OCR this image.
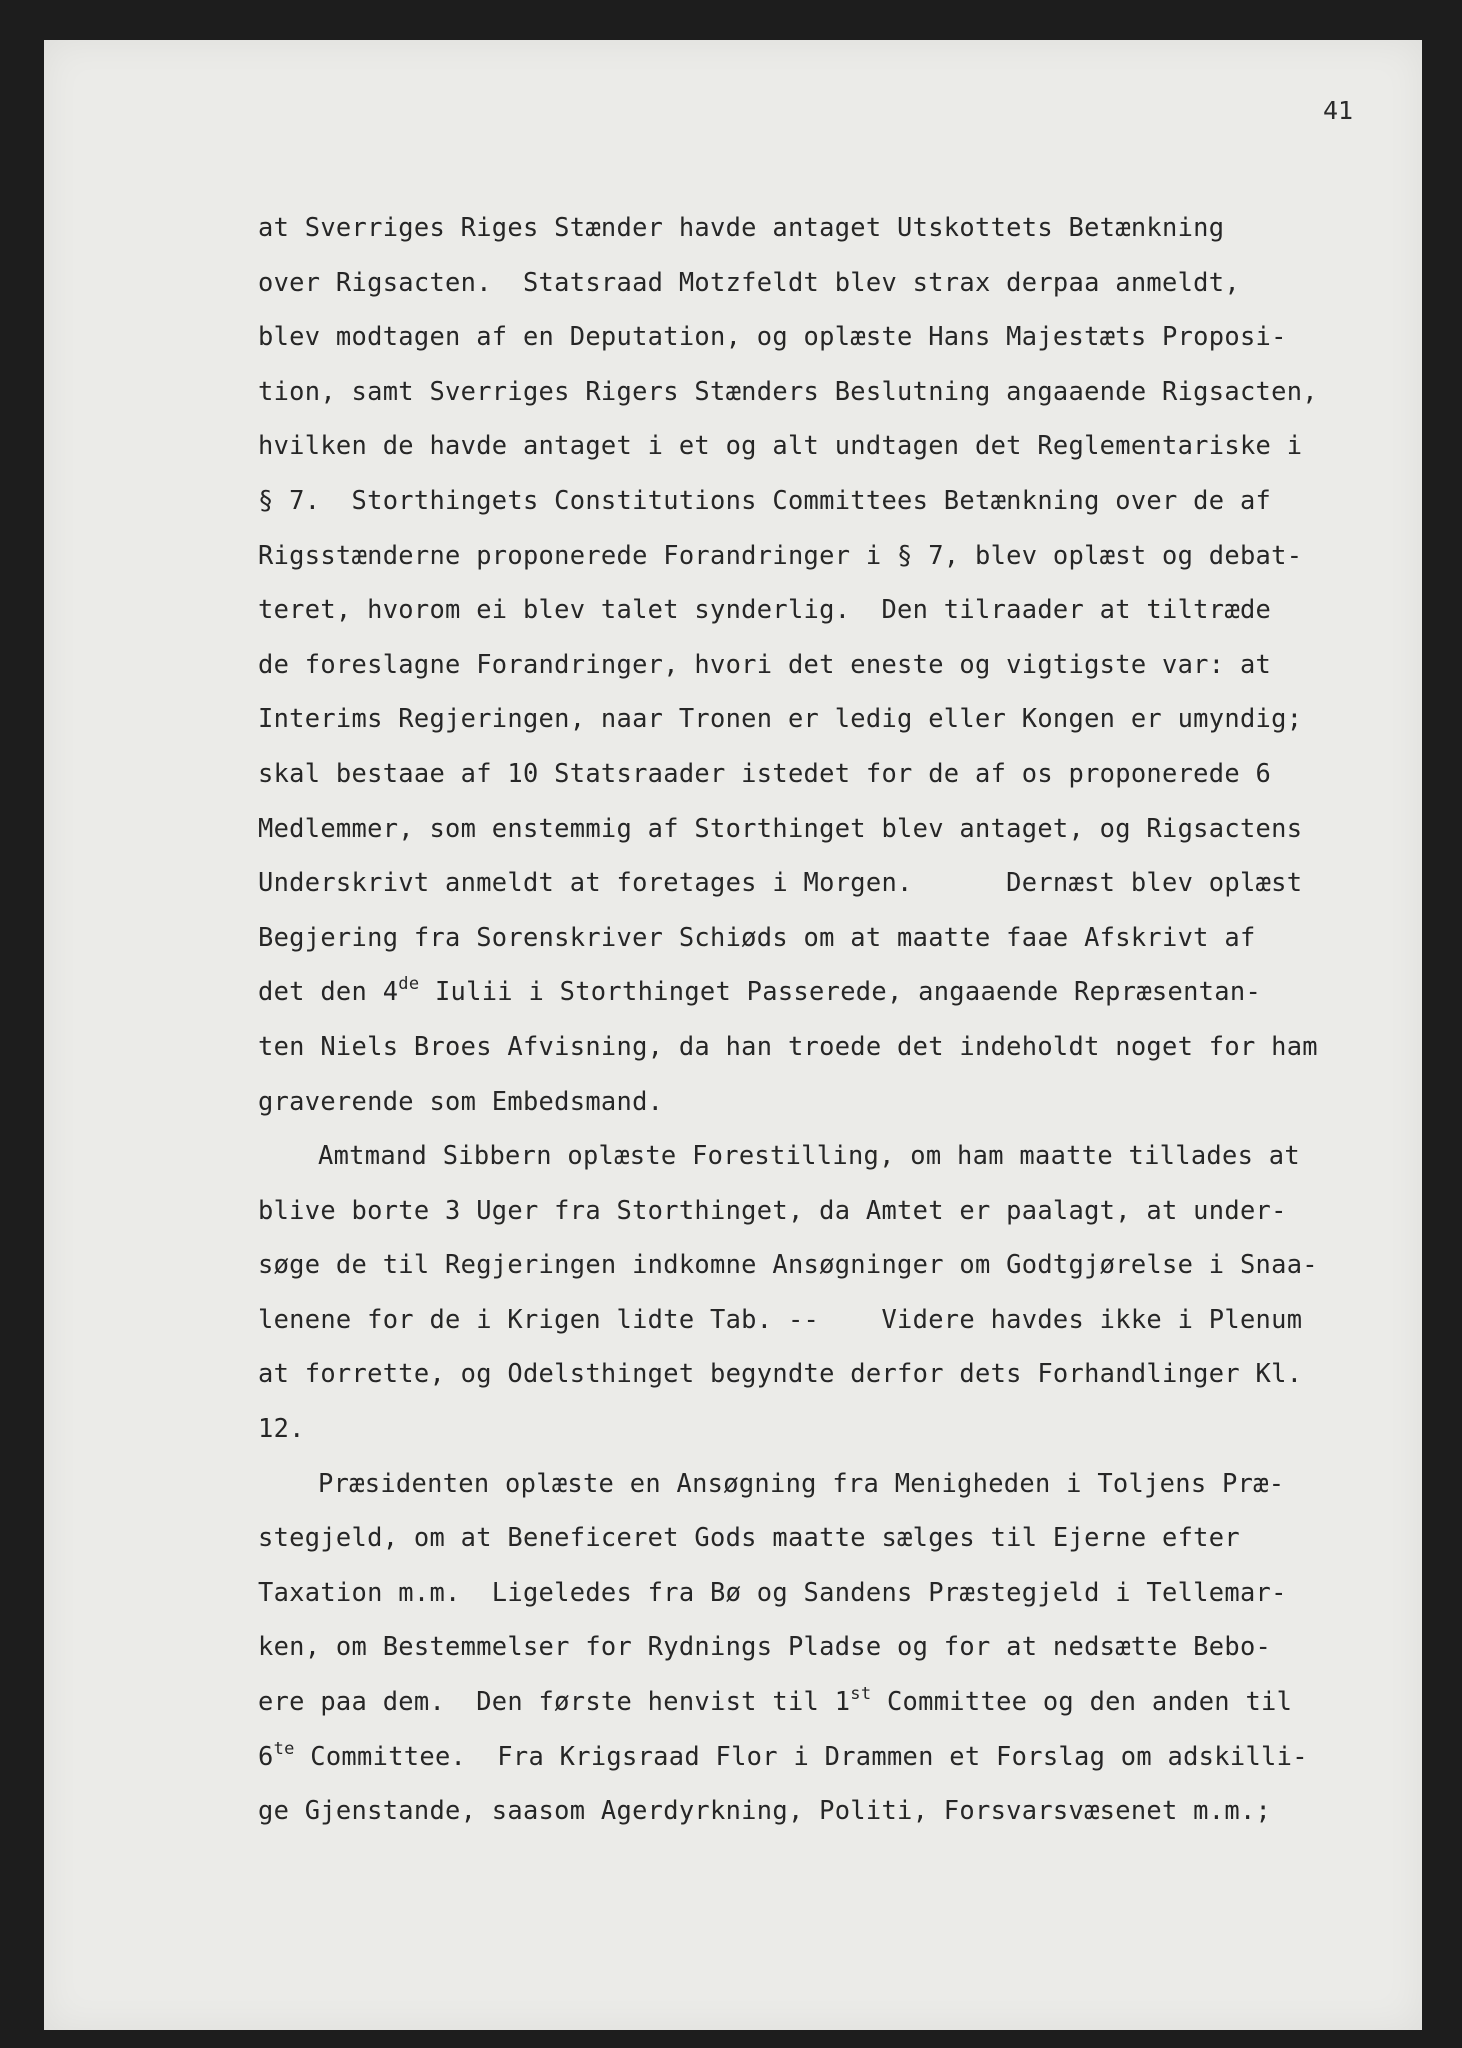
41
at Sverriges Riges Stænder havde antaget Utskottets Betænkning
over Rigsacten.  Statsraad Motzfeldt blev strax derpaa anmeldt,
blev modtagen af en Deputation, og oplæste Hans Majestæts Proposi-
tion, samt Sverriges Rigers Stænders Beslutning angaaende Rigsacten,
hvilken de havde antaget i et og alt undtagen det Reglementariske i
§ 7.  Storthingets Constitutions Committees Betænkning over de af
Rigsstænderne proponerede Forandringer i § 7, blev oplæst og debat-
teret, hvorom ei blev talet synderlig.  Den tilraader at tiltræde
de foreslagne Forandringer, hvori det eneste og vigtigste var: at
Interims Regjeringen, naar Tronen er ledig eller Kongen er umyndig;
skal bestaae af 10 Statsraader istedet for de af os proponerede 6
Medlemmer, som enstemmig af Storthinget blev antaget, og Rigsactens
Underskrivt anmeldt at foretages i Morgen.      Dernæst blev oplæst
Begjering fra Sorenskriver Schiøds om at maatte faae Afskrivt af
det den 4de Iulii i Storthinget Passerede, angaaende Repræsentan-
ten Niels Broes Afvisning, da han troede det indeholdt noget for ham
graverende som Embedsmand.
Amtmand Sibbern oplæste Forestilling, om ham maatte tillades at
blive borte 3 Uger fra Storthinget, da Amtet er paalagt, at under-
søge de til Regjeringen indkomne Ansøgninger om Godtgjørelse i Snaa-
lenene for de i Krigen lidte Tab. --    Videre havdes ikke i Plenum
at forrette, og Odelsthinget begyndte derfor dets Forhandlinger Kl.
12.
Præsidenten oplæste en Ansøgning fra Menigheden i Toljens Præ-
stegjeld, om at Beneficeret Gods maatte sælges til Ejerne efter
Taxation m.m.  Ligeledes fra Bø og Sandens Præstegjeld i Tellemar-
ken, om Bestemmelser for Rydnings Pladse og for at nedsætte Bebo-
ere paa dem.  Den første henvist til 1st Committee og den anden til
$6^{te}$ Committee.  Fra Krigsraad Flor i Drammen et Forslag om adskilli-
ge Gjenstande, saasom Agerdyrkning, Politi, Forsvarsvæsenet m.m.;
